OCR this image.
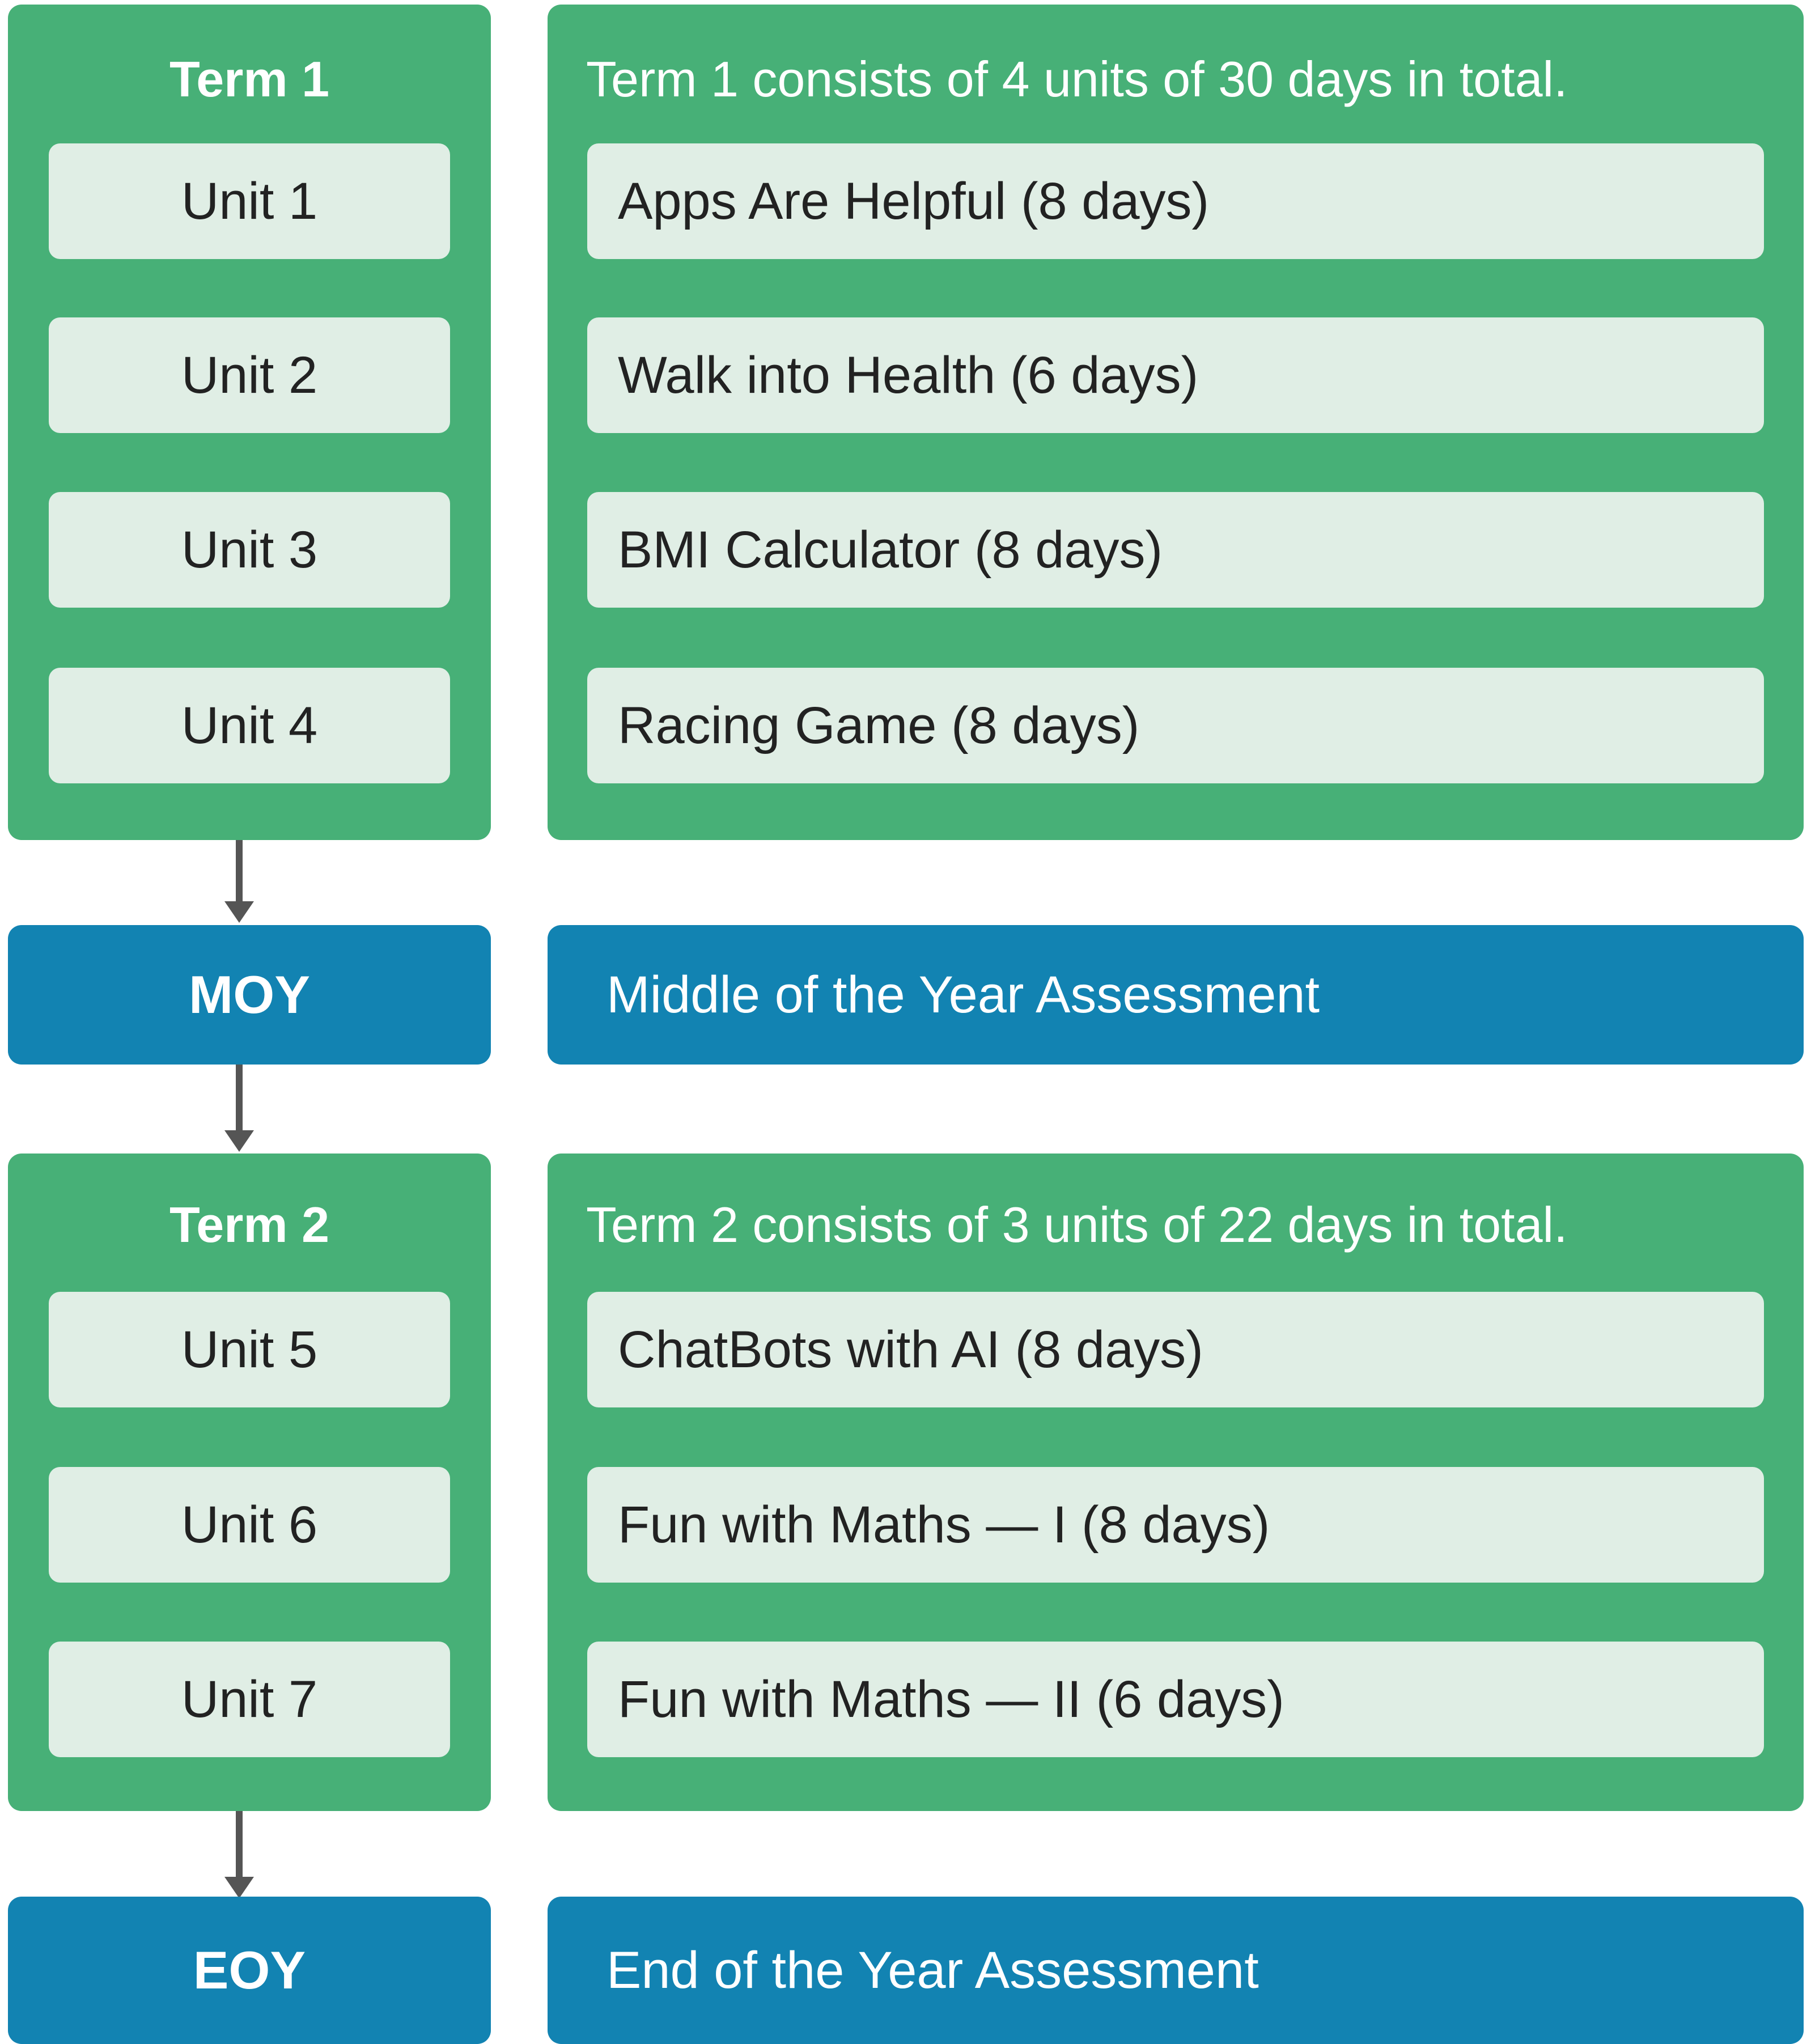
Term 1
Unit 1
Unit 2
Unit 3
Unit 4
Term 1 consists of 4 units of 30 days in total.
Apps Are Helpful (8 days)
Walk into Health (6 days)
BMI Calculator (8 days)
Racing Game (8 days)
MOY	Middle of the Year Assessment
Term 2
Unit 5
Unit 6
Unit 7
Term 2 consists of 3 units of 22 days in total.
ChatBots with AI (8 days)
Fun with Maths — I (8 days)
Fun with Maths — II (6 days)
EOY	End of the Year Assessment
